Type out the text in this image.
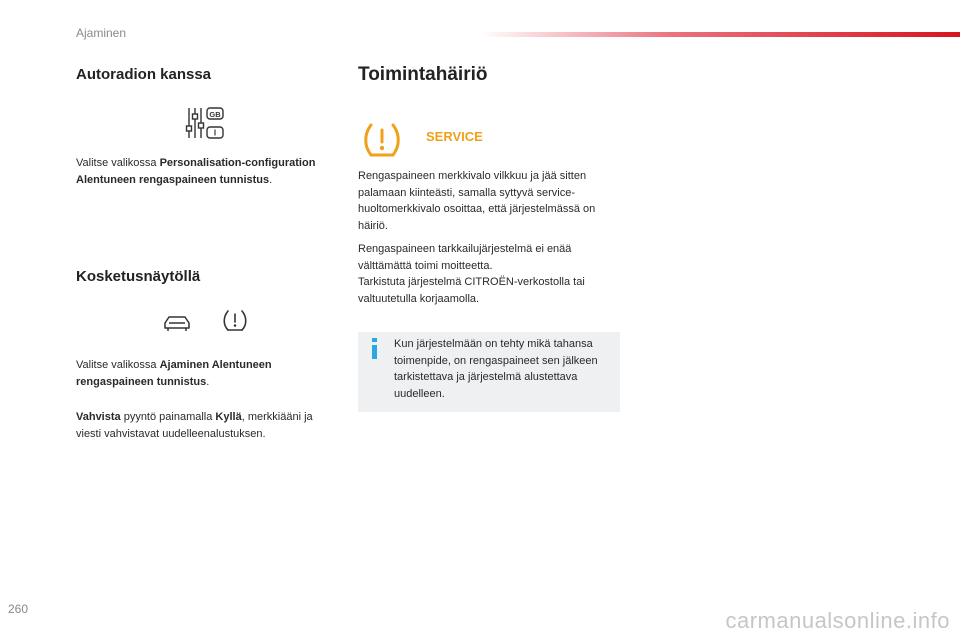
Ajaminen
Autoradion kanssa
GB
I
Valitse valikossa Personalisation-configuration Alentuneen rengaspaineen tunnistus.
Kosketusnäytöllä
Valitse valikossa Ajaminen Alentuneen rengaspaineen tunnistus.
Vahvista pyyntö painamalla Kyllä, merkkiääni ja viesti vahvistavat uudelleenalustuksen.
Toimintahäiriö
SERVICE
Rengaspaineen merkkivalo vilkkuu ja jää sitten palamaan kiinteästi, samalla syttyvä service-huoltomerkkivalo osoittaa, että järjestelmässä on häiriö.
Rengaspaineen tarkkailujärjestelmä ei enää välttämättä toimi moitteetta.
Tarkistuta järjestelmä CITROËN-verkostolla tai valtuutetulla korjaamolla.
Kun järjestelmään on tehty mikä tahansa toimenpide, on rengaspaineet sen jälkeen tarkistettava ja järjestelmä alustettava uudelleen.
260	carmanualsonline.info
